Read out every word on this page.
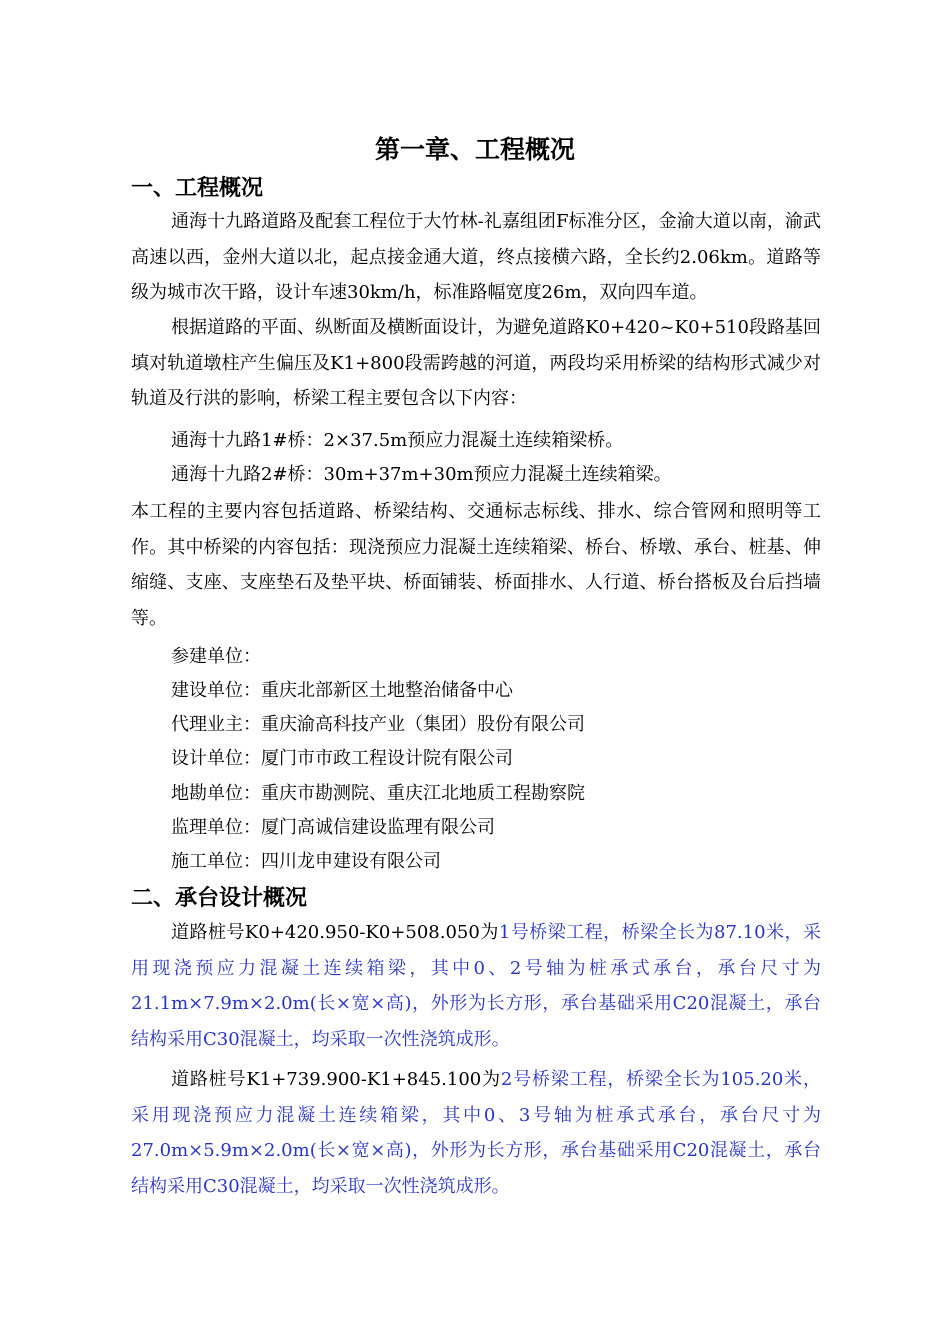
第一章、工程概况
一、工程概况

通海十九路道路及配套工程位于大竹林-礼嘉组团F标准分区，金渝大道以南，渝武高速以西，金州大道以北，起点接金通大道，终点接横六路，全长约2.06km。道路等级为城市次干路，设计车速30km/h，标准路幅宽度26m，双向四车道。

根据道路的平面、纵断面及横断面设计，为避免道路K0+420~K0+510段路基回填对轨道墩柱产生偏压及K1+800段需跨越的河道，两段均采用桥梁的结构形式减少对轨道及行洪的影响，桥梁工程主要包含以下内容：

通海十九路1#桥：2×37.5m预应力混凝土连续箱梁桥。
通海十九路2#桥：30m+37m+30m预应力混凝土连续箱梁。

本工程的主要内容包括道路、桥梁结构、交通标志标线、排水、综合管网和照明等工作。其中桥梁的内容包括：现浇预应力混凝土连续箱梁、桥台、桥墩、承台、桩基、伸缩缝、支座、支座垫石及垫平块、桥面铺装、桥面排水、人行道、桥台搭板及台后挡墙等。

参建单位：
建设单位：重庆北部新区土地整治储备中心
代理业主：重庆渝高科技产业（集团）股份有限公司
设计单位：厦门市市政工程设计院有限公司
地勘单位：重庆市勘测院、重庆江北地质工程勘察院
监理单位：厦门高诚信建设监理有限公司
施工单位：四川龙申建设有限公司
二、承台设计概况

道路桩号K0+420.950-K0+508.050为1号桥梁工程，桥梁全长为87.10米，采用现浇预应力混凝土连续箱梁，其中0、2号轴为桩承式承台，承台尺寸为21.1m×7.9m×2.0m(长×宽×高)，外形为长方形，承台基础采用C20混凝土，承台结构采用C30混凝土，均采取一次性浇筑成形。

道路桩号K1+739.900-K1+845.100为2号桥梁工程，桥梁全长为105.20米，采用现浇预应力混凝土连续箱梁，其中0、3号轴为桩承式承台，承台尺寸为27.0m×5.9m×2.0m(长×宽×高)，外形为长方形，承台基础采用C20混凝土，承台结构采用C30混凝土，均采取一次性浇筑成形。
